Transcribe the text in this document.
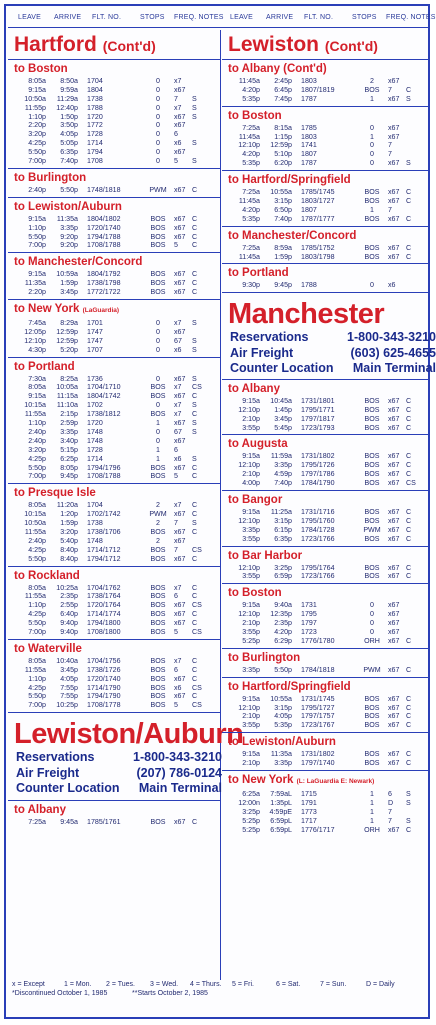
LEAVE ARRIVE FLT. NO.	STOPS FREQ. NOTES LEAVE ARRIVE FLT. NO.	STOPS FREQ. NOTES
Hartford (Cont'd)
to Boston
8:05a	8:50a 1704	0	x7
9:15a	9:59a 1804	0	x67
10:50a	11:29a 1738	0	7 S
11:55p	12:40p 1788	0	x7 S
1:10p	1:50p 1720	0	x67 S
2:20p	3:50p 1772	0	x67
3:20p	4:05p 1728	0	6
4:25p	5:05p 1714	0	x6 S
5:50p	6:35p 1794	0	x67
7:00p	7:40p 1708	0	5 S
to Burlington
2:40p	5:50p 1748/1818	PWM x67 C
to Lewiston/Auburn
9:15a	11:35a 1804/1802	BOS	x67 C
1:10p	3:35p 1720/1740	BOS	x67 C
5:50p	9:20p 1794/1788	BOS	x67 C
7:00p	9:20p 1708/1788	BOS	5 C
to Manchester/Concord
9:15a	10:59a 1804/1792	BOS	x67 C
11:35a	1:59p 1738/1798	BOS	x67 C
2:20p	3:45p 1772/1722	BOS	x67 C
to New York (LaGuardia)
7:45a	8:29a 1701	0	x7 S
12:05p	12:59p 1747	0	x67
12:10p	12:59p 1747	0	67 S
4:30p	5:20p 1707	0	x6 S
to Portland
7:30a	8:25a 1736	0	x67 S
8:05a	10:05a 1704/1710	BOS	x7 CS
9:15a	11:15a 1804/1742	BOS	x67 C
10:15a	11:10a 1702	0	x7 S
11:55a	2:15p 1738/1812	BOS	x7 C
1:10p	2:59p 1720	1	x67 S
2:40p	3:35p 1748	0	67 S
2:40p	3:40p 1748	0	x67
3:20p	5:15p 1728	1	6
4:25p	6:25p 1714	1	x6 S
5:50p	8:05p 1794/1796	BOS	x67 C
7:00p	9:45p 1708/1788	BOS	5 C
to Presque Isle
8:05a	11:20a 1704	2	x7 C
10:15a	1:20p 1702/1742	PWM x67 C
10:50a	1:59p 1738	2	7 S
11:55a	3:20p 1738/1706	BOS	x67 C
2:40p	5:40p 1748	2	x67
4:25p	8:40p 1714/1712	BOS	7 CS
5:50p	8:40p 1794/1712	BOS	x67 C
to Rockland
8:05a	10:25a 1704/1762	BOS	x7 C
11:55a	2:35p 1738/1764	BOS	6 C
1:10p	2:55p 1720/1764	BOS	x67 CS
4:25p	6:40p 1714/1774	BOS	x67 C
5:50p	9:40p 1794/1800	BOS	x67 C
7:00p	9:40p 1708/1800	BOS	5 CS
to Waterville
8:05a	10:40a 1704/1756	BOS	x7 C
11:55a	3:45p 1738/1726	BOS	6 C
1:10p	4:05p 1720/1740	BOS	x67 C
4:25p	7:55p 1714/1790	BOS	x6 CS
5:50p	7:55p 1794/1790	BOS	x67 C
7:00p	10:25p 1708/1778	BOS	5 CS
Lewiston/Auburn
Reservations	1-800-343-3210
Air Freight	(207) 786-0124
Counter Location Main Terminal
to Albany
7:25a	9:45a 1785/1761	BOS	x67 C
Lewiston (Cont'd)
to Albany (Cont'd)
11:45a	2:45p 1803	2	x67
4:20p	6:45p 1807/1819	BOS	7 C
5:35p	7:45p 1787	1	x67 S
to Boston
7:25a	8:15a 1785	0	x67
11:45a	1:15p 1803	1	x67
12:10p	12:59p 1741	0	7
4:20p	5:10p 1807	0	7
5:35p	6:20p 1787	0	x67 S
to Hartford/Springfield
7:25a	10:55a 1785/1745	BOS	x67 C
11:45a	3:15p 1803/1727	BOS	x67 C
4:20p	6:50p 1807	1	7
5:35p	7:40p 1787/1777	BOS	x67 C
to Manchester/Concord
7:25a	8:59a 1785/1752	BOS	x67 C
11:45a	1:59p 1803/1798	BOS	x67 C
to Portland
9:30p	9:45p 1788	0	x6
Manchester
Reservations	1-800-343-3210
Air Freight	(603) 625-4655
Counter Location Main Terminal
to Albany
9:15a	10:45a 1731/1801	BOS	x67 C
12:10p	1:45p 1795/1771	BOS	x67 C
2:10p	3:45p 1797/1817	BOS	x67 C
3:55p	5:45p 1723/1793	BOS	x67 C
to Augusta
9:15a	11:59a 1731/1802	BOS	x67 C
12:10p	3:35p 1795/1726	BOS	x67 C
2:10p	4:59p 1797/1786	BOS	x67 C
4:00p	7:40p 1784/1790	BOS	x67 CS
to Bangor
9:15a	11:25a 1731/1716	BOS	x67 C
12:10p	3:15p 1795/1760	BOS	x67 C
3:35p	6:15p 1784/1728	PWM x67 C
3:55p	6:35p 1723/1766	BOS	x67 C
to Bar Harbor
12:10p	3:25p 1795/1764	BOS	x67 C
3:55p	6:59p 1723/1766	BOS	x67 C
to Boston
9:15a	9:40a 1731	0	x67
12:10p	12:35p 1795	0	x67
2:10p	2:35p 1797	0	x67
3:55p	4:20p 1723	0	x67
5:25p	6:29p 1776/1780	ORH x67 C
to Burlington
3:35p	5:50p 1784/1818	PWM x67 C
to Hartford/Springfield
9:15a	10:55a 1731/1745	BOS	x67 C
12:10p	3:15p 1795/1727	BOS	x67 C
2:10p	4:05p 1797/1757	BOS	x67 C
3:55p	5:35p 1723/1767	BOS	x67 C
to Lewiston/Auburn
9:15a	11:35a 1731/1802	BOS	x67 C
2:10p	3:35p 1797/1740	BOS	x67 C
to New York (L: LaGuardia E: Newark)
6:25a	7:59aL 1715	1	6 S
12:00n	1:35pL 1791	1	D S
3:25p	4:59pE 1773	1	7
5:25p	6:59pL 1717	1	7 S
5:25p	6:59pL 1776/1717	ORH x67 C
x = Except	1 = Mon. 2 = Tues. 3 = Wed. 4 = Thurs. 5 = Fri.	6 = Sat.	7 = Sun.	D = Daily
*Discontinued October 1, 1985	**Starts October 2, 1985
